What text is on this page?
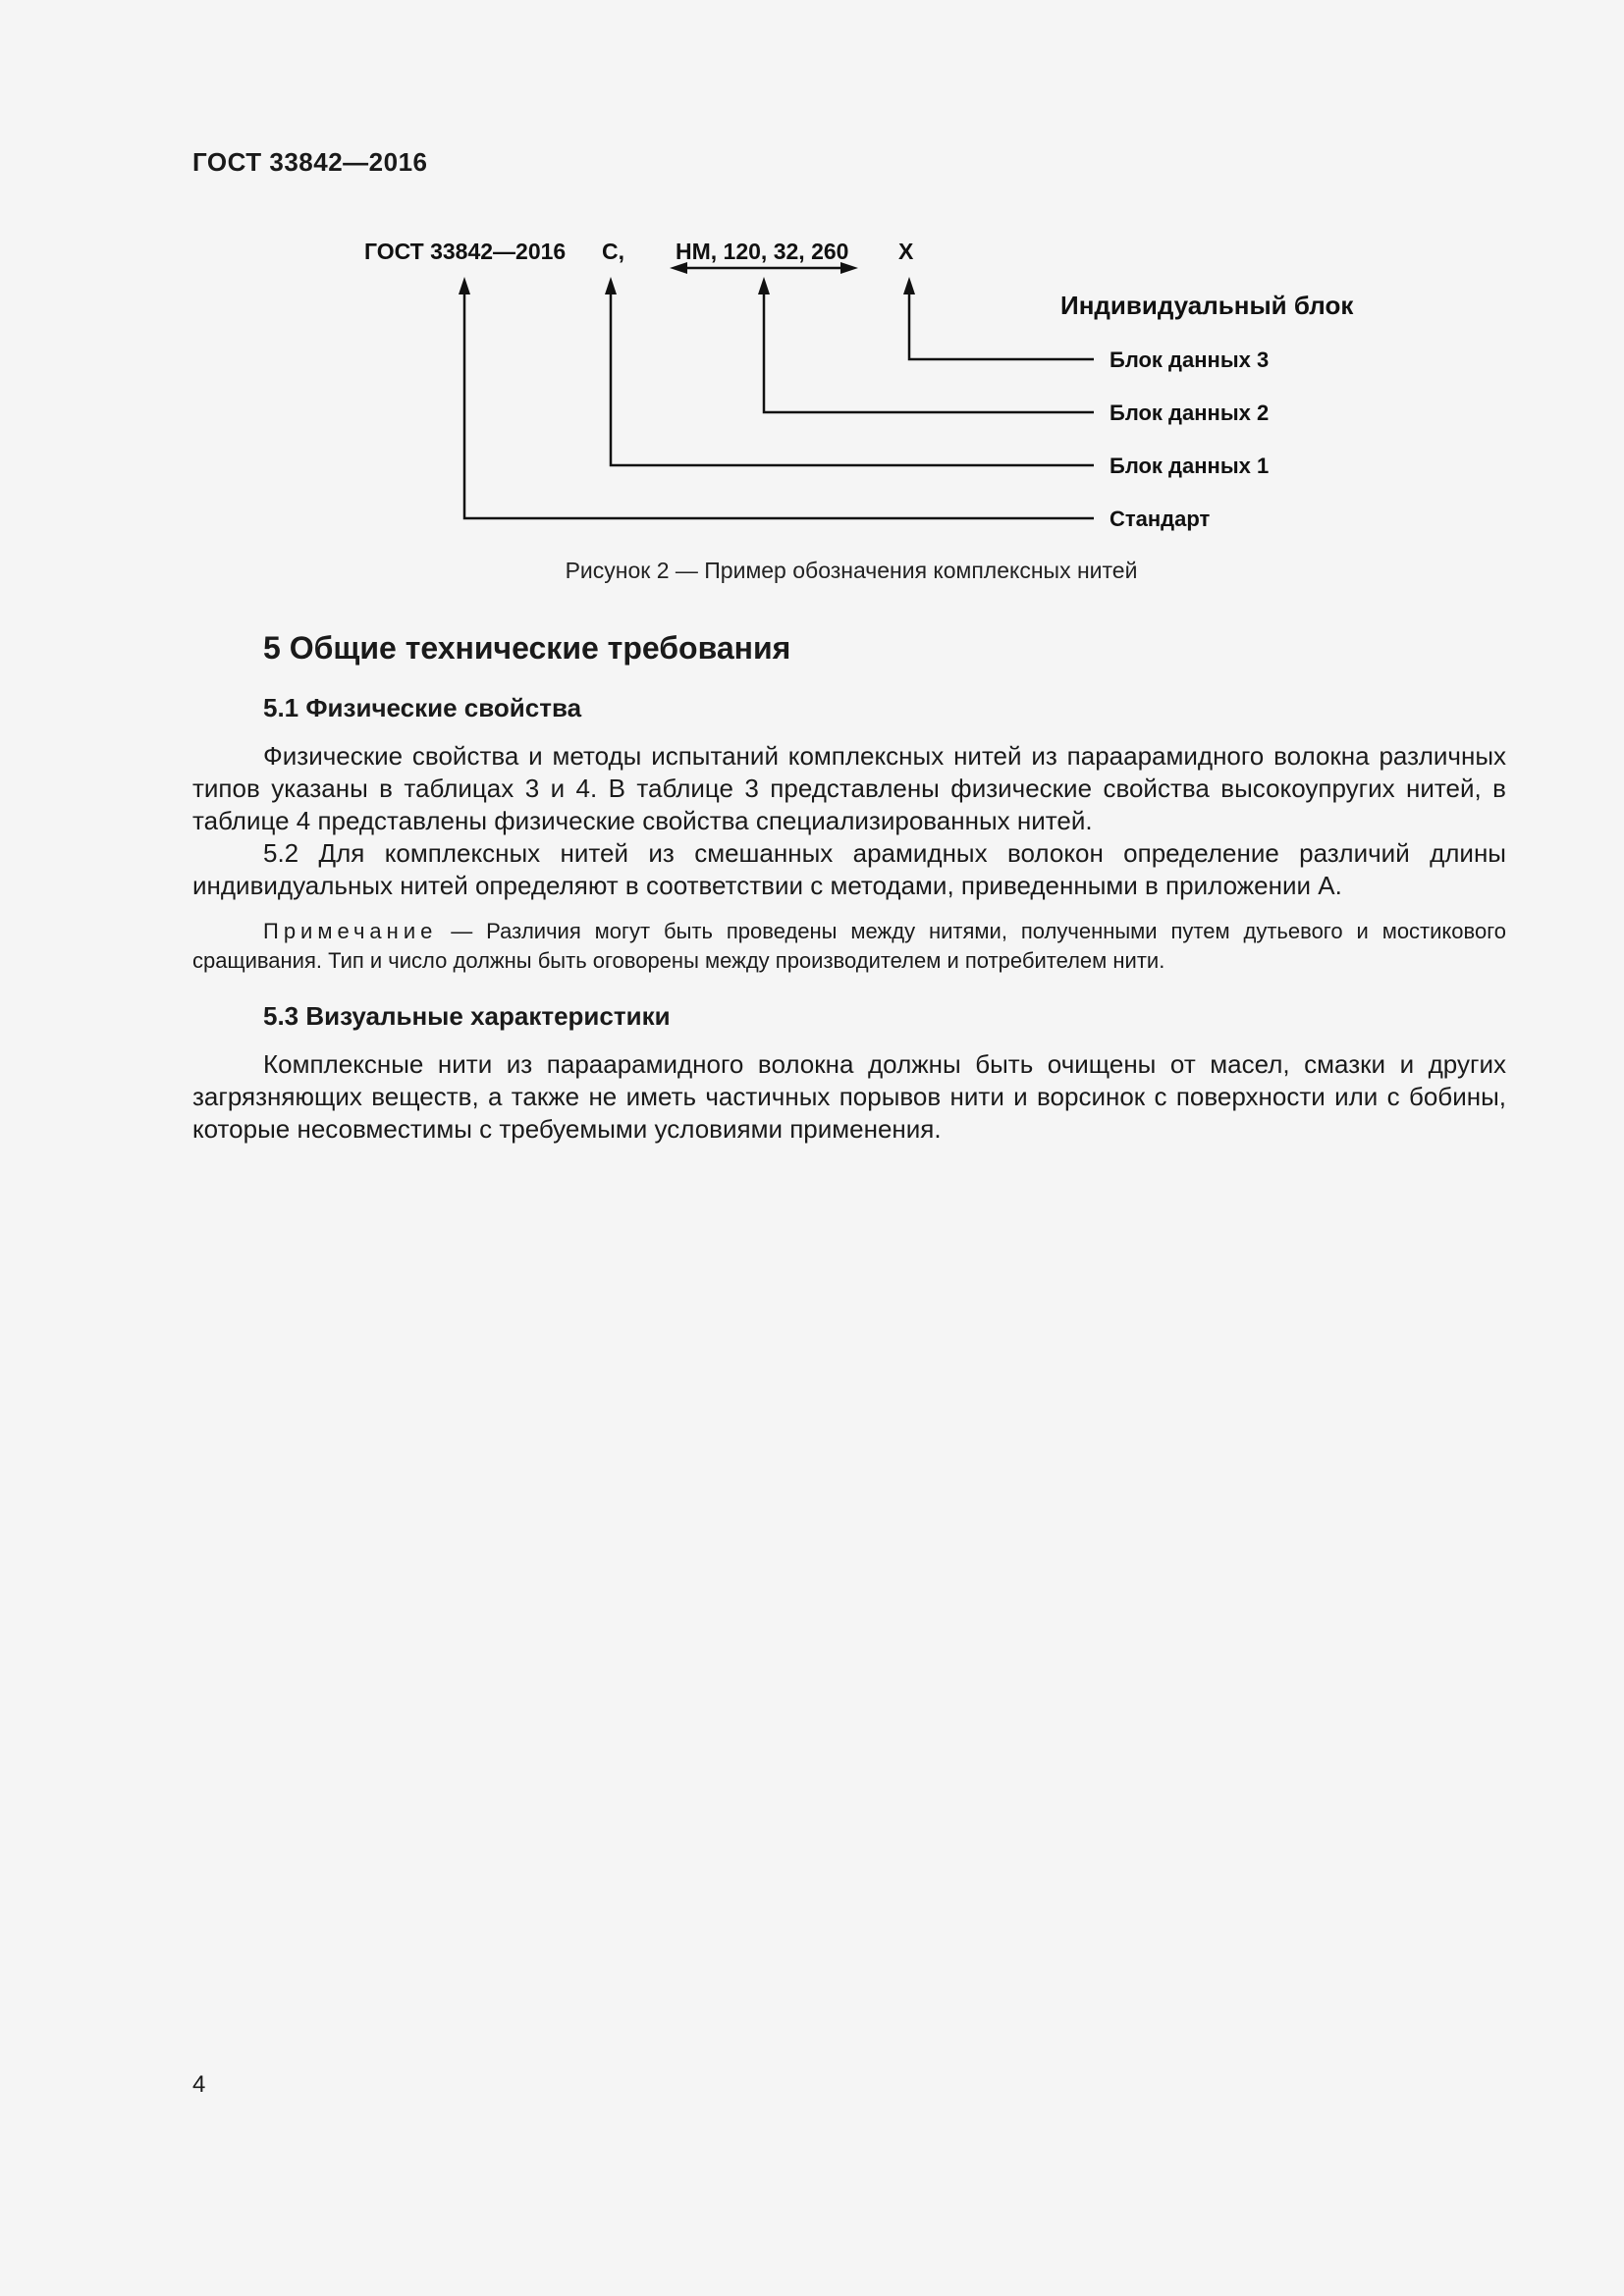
ГОСТ 33842—2016
ГОСТ 33842—2016 С, НМ, 120, 32, 260 Х
Индивидуальный блок
Блок данных 3
Блок данных 2
Блок данных 1
Стандарт
Рисунок 2 — Пример обозначения комплексных нитей
5 Общие технические требования
5.1 Физические свойства

Физические свойства и методы испытаний комплексных нитей из параарамидного волокна различных типов указаны в таблицах 3 и 4. В таблице 3 представлены физические свойства высокоупругих нитей, в таблице 4 представлены физические свойства специализированных нитей.

5.2 Для комплексных нитей из смешанных арамидных волокон определение различий длины индивидуальных нитей определяют в соответствии с методами, приведенными в приложении А.

Примечание — Различия могут быть проведены между нитями, полученными путем дутьевого и мостикового сращивания. Тип и число должны быть оговорены между производителем и потребителем нити.
5.3 Визуальные характеристики

Комплексные нити из параарамидного волокна должны быть очищены от масел, смазки и других загрязняющих веществ, а также не иметь частичных порывов нити и ворсинок с поверхности или с бобины, которые несовместимы с требуемыми условиями применения.

4
